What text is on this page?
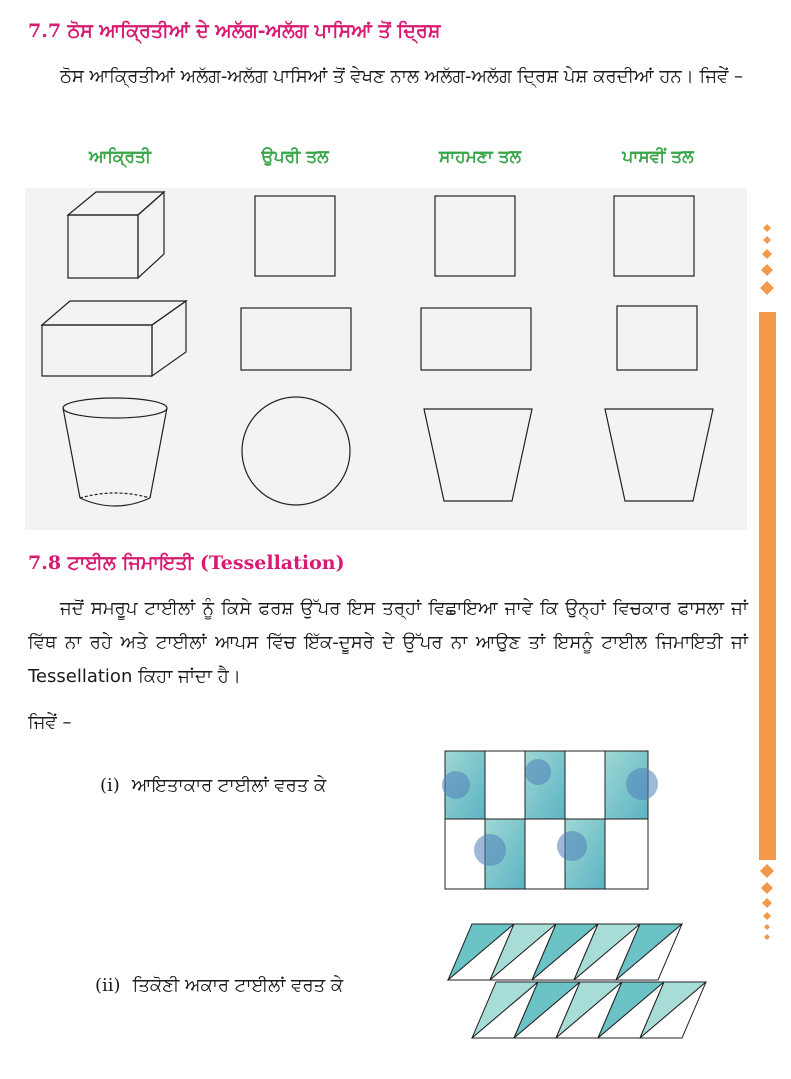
7.7 ਠੋਸ ਆਕ੍ਰਿਤੀਆਂ ਦੇ ਅਲੱਗ-ਅਲੱਗ ਪਾਸਿਆਂ ਤੋਂ ਦ੍ਰਿਸ਼

ਠੋਸ ਆਕ੍ਰਿਤੀਆਂ ਅਲੱਗ-ਅਲੱਗ ਪਾਸਿਆਂ ਤੋਂ ਵੇਖਣ ਨਾਲ ਅਲੱਗ-ਅਲੱਗ ਦ੍ਰਿਸ਼ ਪੇਸ਼ ਕਰਦੀਆਂ ਹਨ। ਜਿਵੇਂ –

ਆਕ੍ਰਿਤੀ	ਉਪਰੀ ਤਲ	ਸਾਹਮਣਾ ਤਲ	ਪਾਸਵੀਂ ਤਲ
7.8 ਟਾਈਲ ਜਿਮਾਇਤੀ (Tessellation)

ਜਦੋਂ ਸਮਰੂਪ ਟਾਈਲਾਂ ਨੂੰ ਕਿਸੇ ਫਰਸ਼ ਉੱਪਰ ਇਸ ਤਰ੍ਹਾਂ ਵਿਛਾਇਆ ਜਾਵੇ ਕਿ ਉਨ੍ਹਾਂ ਵਿਚਕਾਰ ਫਾਸਲਾ ਜਾਂ ਵਿੱਥ ਨਾ ਰਹੇ ਅਤੇ ਟਾਈਲਾਂ ਆਪਸ ਵਿੱਚ ਇੱਕ-ਦੂਸਰੇ ਦੇ ਉੱਪਰ ਨਾ ਆਉਣ ਤਾਂ ਇਸਨੂੰ ਟਾਈਲ ਜਿਮਾਇਤੀ ਜਾਂ Tessellation ਕਿਹਾ ਜਾਂਦਾ ਹੈ।

ਜਿਵੇਂ –

(i) ਆਇਤਾਕਾਰ ਟਾਈਲਾਂ ਵਰਤ ਕੇ
(ii) ਤਿਕੋਣੀ ਅਕਾਰ ਟਾਈਲਾਂ ਵਰਤ ਕੇ
